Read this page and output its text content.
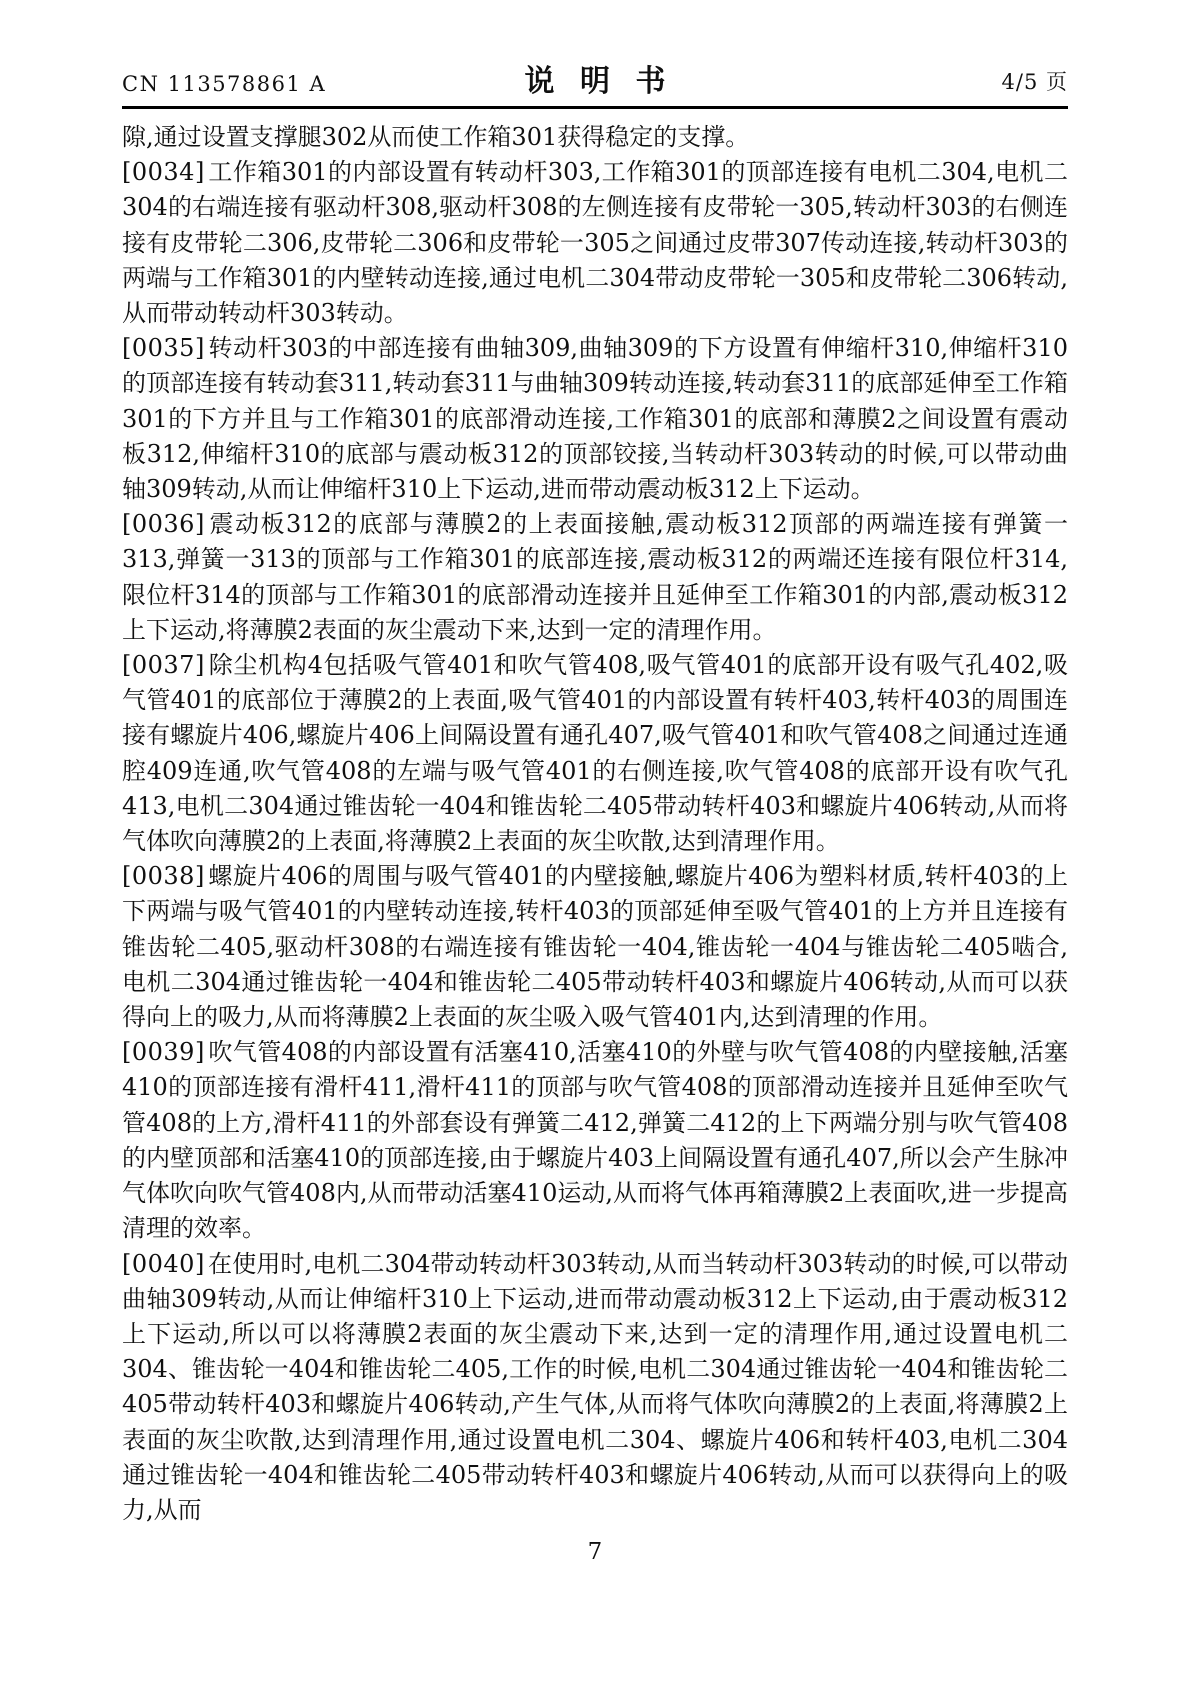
CN 113578861 A	说明书	4/5 页

隙,通过设置支撑腿302从而使工作箱301获得稳定的支撑。

[0034] 工作箱301的内部设置有转动杆303,工作箱301的顶部连接有电机二304,电机二304的右端连接有驱动杆308,驱动杆308的左侧连接有皮带轮一305,转动杆303的右侧连接有皮带轮二306,皮带轮二306和皮带轮一305之间通过皮带307传动连接,转动杆303的两端与工作箱301的内壁转动连接,通过电机二304带动皮带轮一305和皮带轮二306转动,从而带动转动杆303转动。

[0035] 转动杆303的中部连接有曲轴309,曲轴309的下方设置有伸缩杆310,伸缩杆310的顶部连接有转动套311,转动套311与曲轴309转动连接,转动套311的底部延伸至工作箱301的下方并且与工作箱301的底部滑动连接,工作箱301的底部和薄膜2之间设置有震动板312,伸缩杆310的底部与震动板312的顶部铰接,当转动杆303转动的时候,可以带动曲轴309转动,从而让伸缩杆310上下运动,进而带动震动板312上下运动。

[0036] 震动板312的底部与薄膜2的上表面接触,震动板312顶部的两端连接有弹簧一313,弹簧一313的顶部与工作箱301的底部连接,震动板312的两端还连接有限位杆314,限位杆314的顶部与工作箱301的底部滑动连接并且延伸至工作箱301的内部,震动板312上下运动,将薄膜2表面的灰尘震动下来,达到一定的清理作用。

[0037] 除尘机构4包括吸气管401和吹气管408,吸气管401的底部开设有吸气孔402,吸气管401的底部位于薄膜2的上表面,吸气管401的内部设置有转杆403,转杆403的周围连接有螺旋片406,螺旋片406上间隔设置有通孔407,吸气管401和吹气管408之间通过连通腔409连通,吹气管408的左端与吸气管401的右侧连接,吹气管408的底部开设有吹气孔413,电机二304通过锥齿轮一404和锥齿轮二405带动转杆403和螺旋片406转动,从而将气体吹向薄膜2的上表面,将薄膜2上表面的灰尘吹散,达到清理作用。

[0038] 螺旋片406的周围与吸气管401的内壁接触,螺旋片406为塑料材质,转杆403的上下两端与吸气管401的内壁转动连接,转杆403的顶部延伸至吸气管401的上方并且连接有锥齿轮二405,驱动杆308的右端连接有锥齿轮一404,锥齿轮一404与锥齿轮二405啮合,电机二304通过锥齿轮一404和锥齿轮二405带动转杆403和螺旋片406转动,从而可以获得向上的吸力,从而将薄膜2上表面的灰尘吸入吸气管401内,达到清理的作用。

[0039] 吹气管408的内部设置有活塞410,活塞410的外壁与吹气管408的内壁接触,活塞410的顶部连接有滑杆411,滑杆411的顶部与吹气管408的顶部滑动连接并且延伸至吹气管408的上方,滑杆411的外部套设有弹簧二412,弹簧二412的上下两端分别与吹气管408的内壁顶部和活塞410的顶部连接,由于螺旋片403上间隔设置有通孔407,所以会产生脉冲气体吹向吹气管408内,从而带动活塞410运动,从而将气体再箱薄膜2上表面吹,进一步提高清理的效率。

[0040] 在使用时,电机二304带动转动杆303转动,从而当转动杆303转动的时候,可以带动曲轴309转动,从而让伸缩杆310上下运动,进而带动震动板312上下运动,由于震动板312上下运动,所以可以将薄膜2表面的灰尘震动下来,达到一定的清理作用,通过设置电机二304、锥齿轮一404和锥齿轮二405,工作的时候,电机二304通过锥齿轮一404和锥齿轮二405带动转杆403和螺旋片406转动,产生气体,从而将气体吹向薄膜2的上表面,将薄膜2上表面的灰尘吹散,达到清理作用,通过设置电机二304、螺旋片406和转杆403,电机二304通过锥齿轮一404和锥齿轮二405带动转杆403和螺旋片406转动,从而可以获得向上的吸力,从而

7
